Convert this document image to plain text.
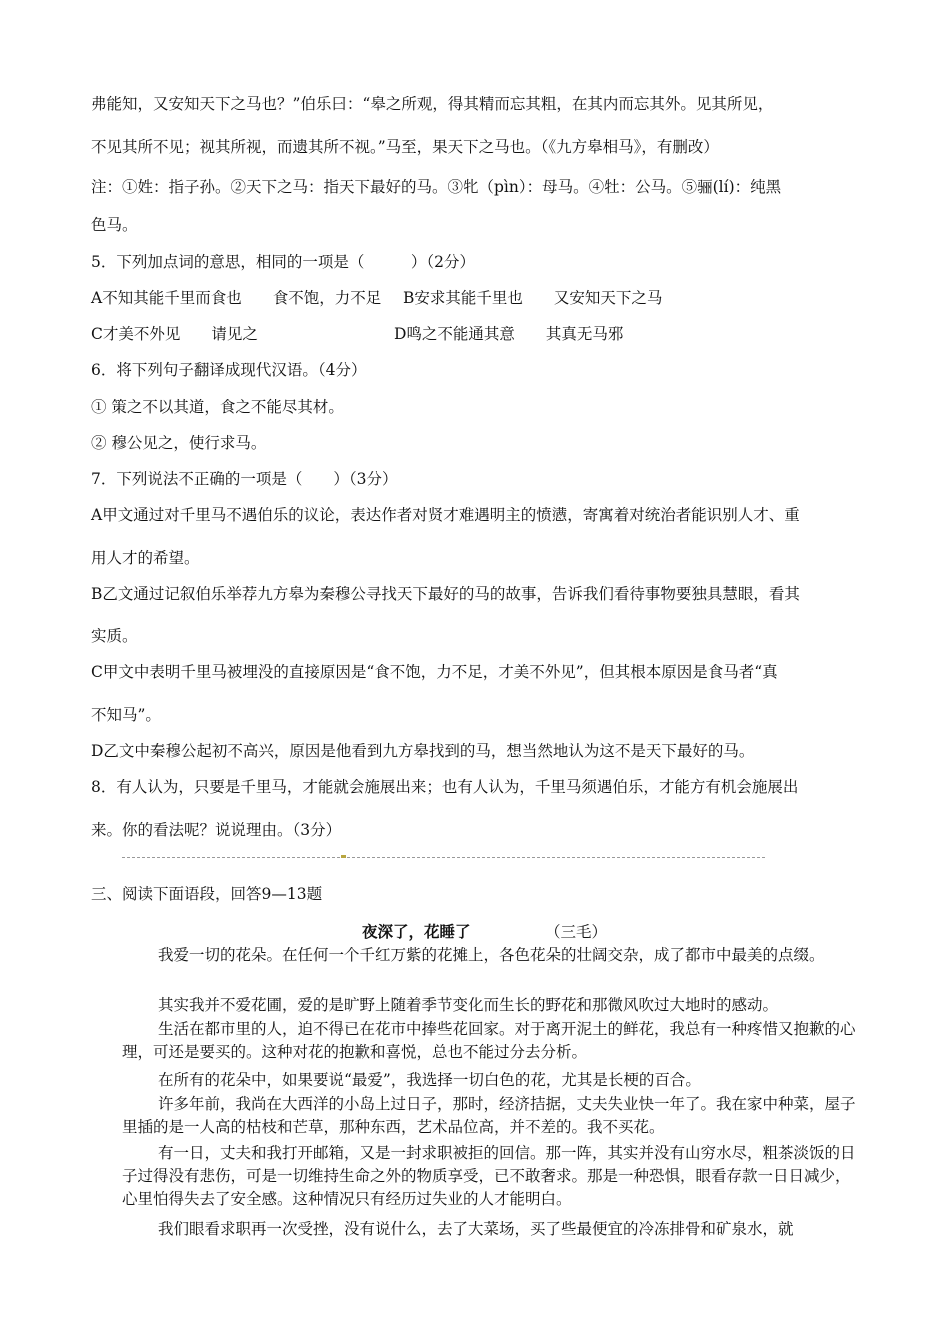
弗能知，又安知天下之马也？”伯乐曰：“皋之所观，得其精而忘其粗，在其内而忘其外。见其所见，
不见其所不见；视其所视，而遗其所不视。”马至，果天下之马也。（《九方皋相马》，有删改）
注：①姓：指子孙。②天下之马：指天下最好的马。③牝（pìn）：母马。④牡：公马。⑤骊(lí)：纯黑
色马。
5．下列加点词的意思，相同的一项是（　　　）（2分）
A不知其能千里而食也　　食不饱，力不足 B安求其能千里也　　又安知天下之马
C才美不外见　　请见之	D鸣之不能通其意　　其真无马邪
6．将下列句子翻译成现代汉语。（4分）
① 策之不以其道，食之不能尽其材。
② 穆公见之，使行求马。
7．下列说法不正确的一项是（　　）（3分）
A甲文通过对千里马不遇伯乐的议论，表达作者对贤才难遇明主的愤懑，寄寓着对统治者能识别人才、重
用人才的希望。
B乙文通过记叙伯乐举荐九方皋为秦穆公寻找天下最好的马的故事，告诉我们看待事物要独具慧眼，看其
实质。
C甲文中表明千里马被埋没的直接原因是“食不饱，力不足，才美不外见”，但其根本原因是食马者“真
不知马”。
D乙文中秦穆公起初不高兴，原因是他看到九方皋找到的马，想当然地认为这不是天下最好的马。
8．有人认为，只要是千里马，才能就会施展出来；也有人认为，千里马须遇伯乐，才能方有机会施展出
来。你的看法呢？说说理由。（3分）
三、阅读下面语段，回答9—13题
夜深了，花睡了	（三毛）
我爱一切的花朵。在任何一个千红万紫的花摊上，各色花朵的壮阔交杂，成了都市中最美的点缀。
其实我并不爱花圃，爱的是旷野上随着季节变化而生长的野花和那微风吹过大地时的感动。
生活在都市里的人，迫不得已在花市中捧些花回家。对于离开泥土的鲜花，我总有一种疼惜又抱歉的心理，可还是要买的。这种对花的抱歉和喜悦，总也不能过分去分析。
在所有的花朵中，如果要说“最爱”，我选择一切白色的花，尤其是长梗的百合。
许多年前，我尚在大西洋的小岛上过日子，那时，经济拮据，丈夫失业快一年了。我在家中种菜，屋子里插的是一人高的枯枝和芒草，那种东西，艺术品位高，并不差的。我不买花。
有一日，丈夫和我打开邮箱，又是一封求职被拒的回信。那一阵，其实并没有山穷水尽，粗茶淡饭的日子过得没有悲伤，可是一切维持生命之外的物质享受，已不敢奢求。那是一种恐惧，眼看存款一日日减少，心里怕得失去了安全感。这种情况只有经历过失业的人才能明白。
我们眼看求职再一次受挫，没有说什么，去了大菜场，买了些最便宜的冷冻排骨和矿泉水，就
